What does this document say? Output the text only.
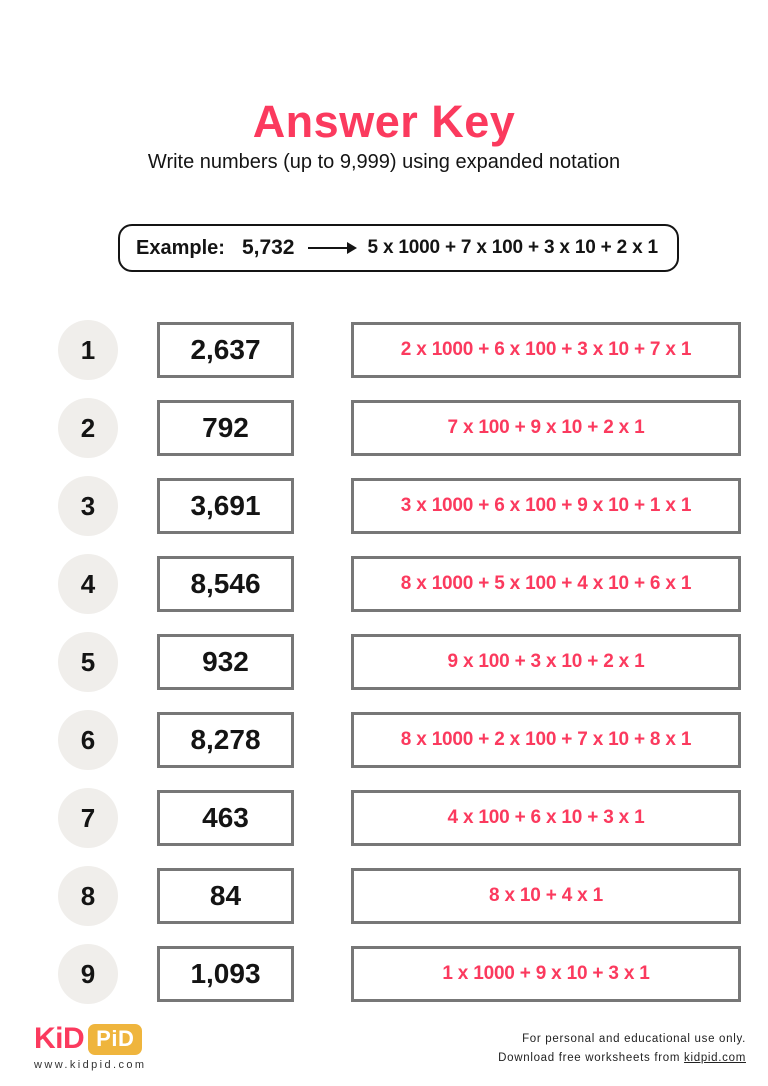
Answer Key

Write numbers (up to 9,999) using expanded notation

Example: 5,732	5 x 1000 + 7 x 100 + 3 x 10 + 2 x 1
1	2,637	2 x 1000 + 6 x 100 + 3 x 10 + 7 x 1
2	792	7 x 100 + 9 x 10 + 2 x 1
3	3,691	3 x 1000 + 6 x 100 + 9 x 10 + 1 x 1
4	8,546	8 x 1000 + 5 x 100 + 4 x 10 + 6 x 1
5	932	9 x 100 + 3 x 10 + 2 x 1
6	8,278	8 x 1000 + 2 x 100 + 7 x 10 + 8 x 1
7	463	4 x 100 + 6 x 10 + 3 x 1
8	84	8 x 10 + 4 x 1
9	1,093	1 x 1000 + 9 x 10 + 3 x 1
KiD PiD
www.kidpid.com
For personal and educational use only.
Download free worksheets from kidpid.com
